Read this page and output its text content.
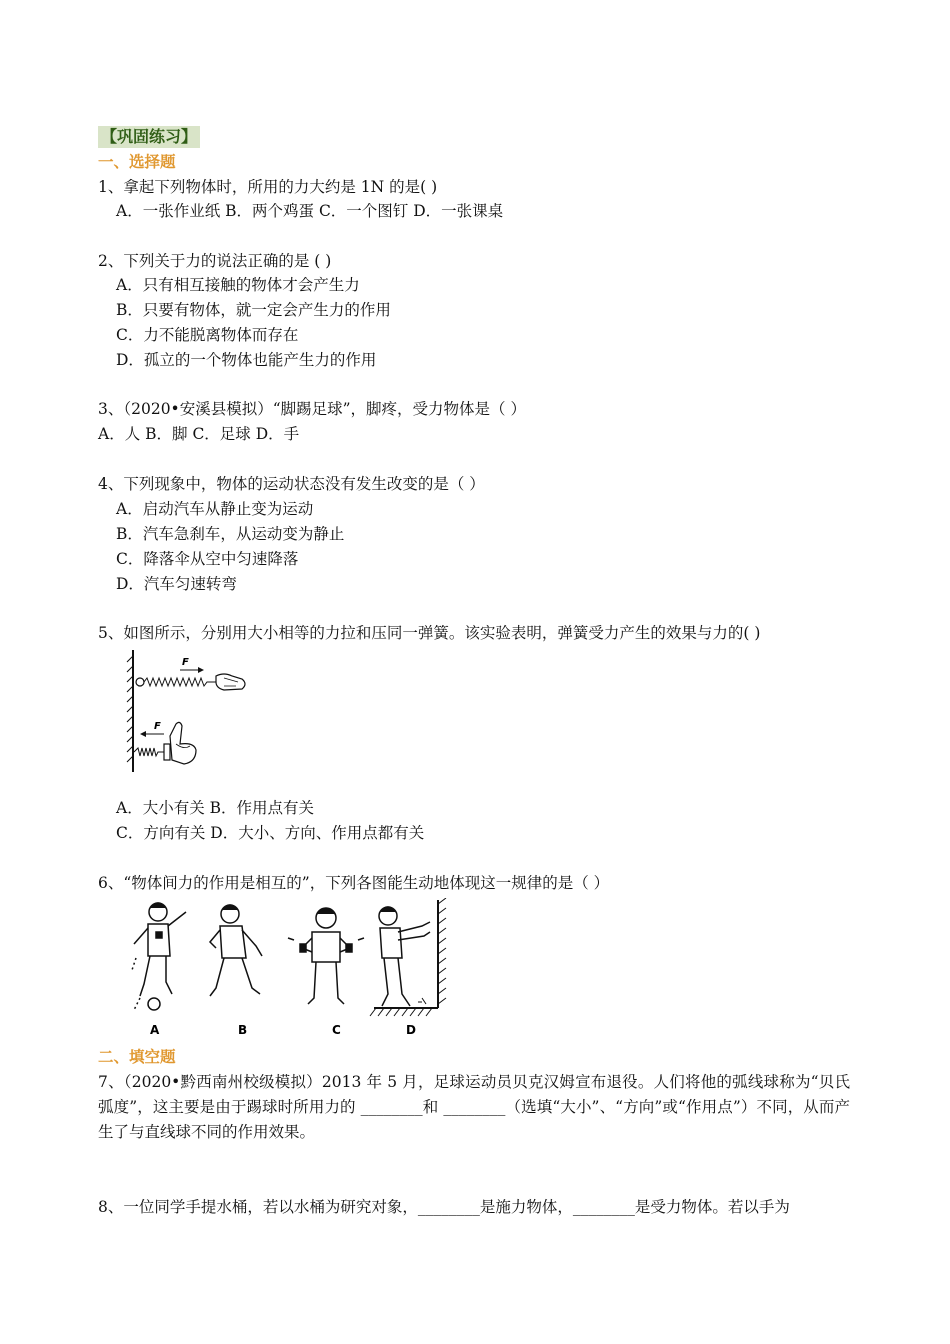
【巩固练习】
一、选择题
1、拿起下列物体时，所用的力大约是 1N 的是( )
A．一张作业纸 B．两个鸡蛋 C．一个图钉 D．一张课桌
2、下列关于力的说法正确的是 ( )
A．只有相互接触的物体才会产生力
B．只要有物体，就一定会产生力的作用
C．力不能脱离物体而存在
D．孤立的一个物体也能产生力的作用
3、（2020•安溪县模拟）“脚踢足球”，脚疼，受力物体是（ ）
A．人 B．脚 C．足球 D．手
4、下列现象中，物体的运动状态没有发生改变的是（ ）
A．启动汽车从静止变为运动
B．汽车急刹车，从运动变为静止
C．降落伞从空中匀速降落
D．汽车匀速转弯
5、如图所示，分别用大小相等的力拉和压同一弹簧。该实验表明，弹簧受力产生的效果与力的( )
F
F
A．大小有关 B．作用点有关
C．方向有关 D．大小、方向、作用点都有关
6、“物体间力的作用是相互的”，下列各图能生动地体现这一规律的是（ ）
A	B	C	D
二、填空题
7、（2020•黔西南州校级模拟）2013 年 5 月，足球运动员贝克汉姆宣布退役。人们将他的弧线球称为“贝氏弧度”，这主要是由于踢球时所用力的 ________和 ________（选填“大小”、“方向”或“作用点”）不同，从而产生了与直线球不同的作用效果。
8、一位同学手提水桶，若以水桶为研究对象，________是施力物体，________是受力物体。若以手为
